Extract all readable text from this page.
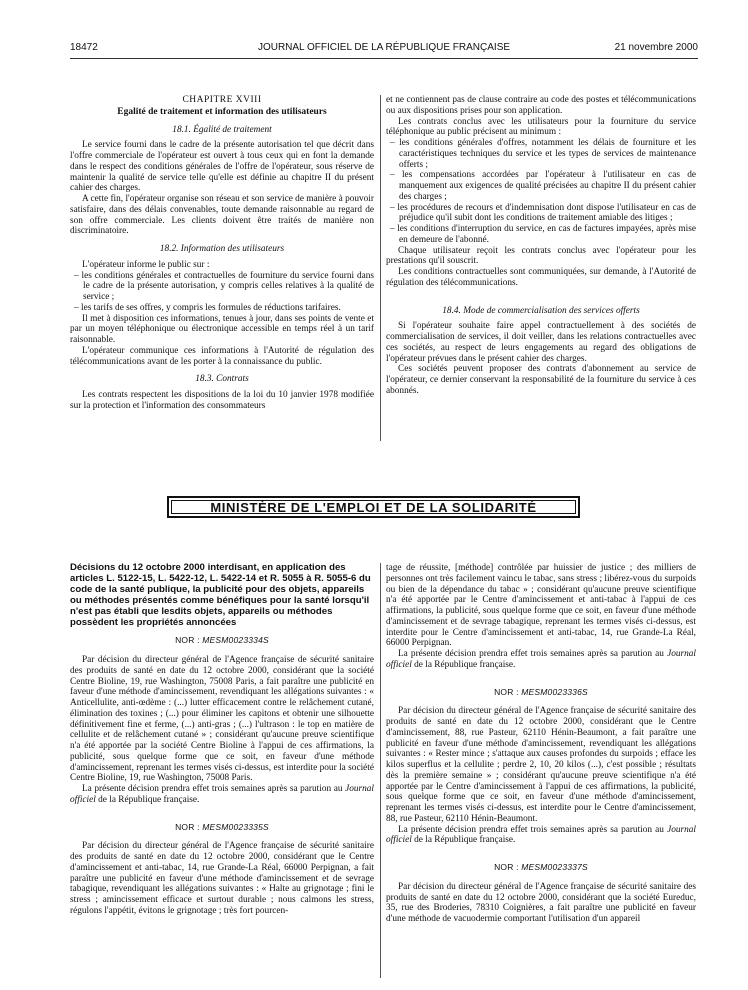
18472	JOURNAL OFFICIEL DE LA RÉPUBLIQUE FRANÇAISE	21 novembre 2000
CHAPITRE XVIII
Egalité de traitement et information des utilisateurs
18.1. Égalité de traitement

Le service fourni dans le cadre de la présente autorisation tel que décrit dans l'offre commerciale de l'opérateur est ouvert à tous ceux qui en font la demande dans le respect des conditions générales de l'offre de l'opérateur, sous réserve de maintenir la qualité de service telle qu'elle est définie au chapitre II du présent cahier des charges.

A cette fin, l'opérateur organise son réseau et son service de manière à pouvoir satisfaire, dans des délais convenables, toute demande raisonnable au regard de son offre commerciale. Les clients doivent être traités de manière non discriminatoire.

18.2. Information des utilisateurs

L'opérateur informe le public sur :

– les conditions générales et contractuelles de fourniture du service fourni dans le cadre de la présente autorisation, y compris celles relatives à la qualité de service ;
– les tarifs de ses offres, y compris les formules de réductions tarifaires.

Il met à disposition ces informations, tenues à jour, dans ses points de vente et par un moyen téléphonique ou électronique accessible en temps réel à un tarif raisonnable.

L'opérateur communique ces informations à l'Autorité de régulation des télécommunications avant de les porter à la connaissance du public.

18.3. Contrats

Les contrats respectent les dispositions de la loi du 10 janvier 1978 modifiée sur la protection et l'information des consommateurs

et ne contiennent pas de clause contraire au code des postes et télécommunications ou aux dispositions prises pour son application.

Les contrats conclus avec les utilisateurs pour la fourniture du service téléphonique au public précisent au minimum :

– les conditions générales d'offres, notamment les délais de fourniture et les caractéristiques techniques du service et les types de services de maintenance offerts ;
– les compensations accordées par l'opérateur à l'utilisateur en cas de manquement aux exigences de qualité précisées au chapitre II du présent cahier des charges ;
– les procédures de recours et d'indemnisation dont dispose l'utilisateur en cas de préjudice qu'il subit dont les conditions de traitement amiable des litiges ;
– les conditions d'interruption du service, en cas de factures impayées, après mise en demeure de l'abonné.

Chaque utilisateur reçoit les contrats conclus avec l'opérateur pour les prestations qu'il souscrit.

Les conditions contractuelles sont communiquées, sur demande, à l'Autorité de régulation des télécommunications.

18.4. Mode de commercialisation des services offerts

Si l'opérateur souhaite faire appel contractuellement à des sociétés de commercialisation de services, il doit veiller, dans les relations contractuelles avec ces sociétés, au respect de leurs engagements au regard des obligations de l'opérateur prévues dans le présent cahier des charges.

Ces sociétés peuvent proposer des contrats d'abonnement au service de l'opérateur, ce dernier conservant la responsabilité de la fourniture du service à ces abonnés.

MINISTÈRE DE L'EMPLOI ET DE LA SOLIDARITÉ
Décisions du 12 octobre 2000 interdisant, en application des articles L. 5122-15, L. 5422-12, L. 5422-14 et R. 5055 à R. 5055-6 du code de la santé publique, la publicité pour des objets, appareils ou méthodes présentés comme bénéfiques pour la santé lorsqu'il n'est pas établi que lesdits objets, appareils ou méthodes possèdent les propriétés annoncées
NOR : MESM0023334S

Par décision du directeur général de l'Agence française de sécurité sanitaire des produits de santé en date du 12 octobre 2000, considérant que la société Centre Bioline, 19, rue Washington, 75008 Paris, a fait paraître une publicité en faveur d'une méthode d'amincissement, revendiquant les allégations suivantes : « Anticellulite, anti-œdème : (...) lutter efficacement contre le relâchement cutané, élimination des toxines ; (...) pour éliminer les capitons et obtenir une silhouette définitivement fine et ferme, (...) anti-gras ; (...) l'ultrason : le top en matière de cellulite et de relâchement cutané » ; considérant qu'aucune preuve scientifique n'a été apportée par la société Centre Bioline à l'appui de ces affirmations, la publicité, sous quelque forme que ce soit, en faveur d'une méthode d'amincissement, reprenant les termes visés ci-dessus, est interdite pour la société Centre Bioline, 19, rue Washington, 75008 Paris.

La présente décision prendra effet trois semaines après sa parution au Journal officiel de la République française.

NOR : MESM0023335S

Par décision du directeur général de l'Agence française de sécurité sanitaire des produits de santé en date du 12 octobre 2000, considérant que le Centre d'amincissement et anti-tabac, 14, rue Grande-La Réal, 66000 Perpignan, a fait paraître une publicité en faveur d'une méthode d'amincissement et de sevrage tabagique, revendiquant les allégations suivantes : « Halte au grignotage ; fini le stress ; amincissement efficace et surtout durable ; nous calmons les stress, régulons l'appétit, évitons le grignotage ; très fort pourcen-

tage de réussite, [méthode] contrôlée par huissier de justice ; des milliers de personnes ont très facilement vaincu le tabac, sans stress ; libérez-vous du surpoids ou bien de la dépendance du tabac » ; considérant qu'aucune preuve scientifique n'a été apportée par le Centre d'amincissement et anti-tabac à l'appui de ces affirmations, la publicité, sous quelque forme que ce soit, en faveur d'une méthode d'amincissement et de sevrage tabagique, reprenant les termes visés ci-dessus, est interdite pour le Centre d'amincissement et anti-tabac, 14, rue Grande-La Réal, 66000 Perpignan.

La présente décision prendra effet trois semaines après sa parution au Journal officiel de la République française.

NOR : MESM0023336S

Par décision du directeur général de l'Agence française de sécurité sanitaire des produits de santé en date du 12 octobre 2000, considérant que le Centre d'amincissement, 88, rue Pasteur, 62110 Hénin-Beaumont, a fait paraître une publicité en faveur d'une méthode d'amincissement, revendiquant les allégations suivantes : « Rester mince ; s'attaque aux causes profondes du surpoids ; efface les kilos superflus et la cellulite ; perdre 2, 10, 20 kilos (...), c'est possible ; résultats dès la première semaine » ; considérant qu'aucune preuve scientifique n'a été apportée par le Centre d'amincissement à l'appui de ces affirmations, la publicité, sous quelque forme que ce soit, en faveur d'une méthode d'amincissement, reprenant les termes visés ci-dessus, est interdite pour le Centre d'amincissement, 88, rue Pasteur, 62110 Hénin-Beaumont.

La présente décision prendra effet trois semaines après sa parution au Journal officiel de la République française.

NOR : MESM0023337S

Par décision du directeur général de l'Agence française de sécurité sanitaire des produits de santé en date du 12 octobre 2000, considérant que la société Eureduc, 35, rue des Broderies, 78310 Coignières, a fait paraître une publicité en faveur d'une méthode de vacuodermie comportant l'utilisation d'un appareil
